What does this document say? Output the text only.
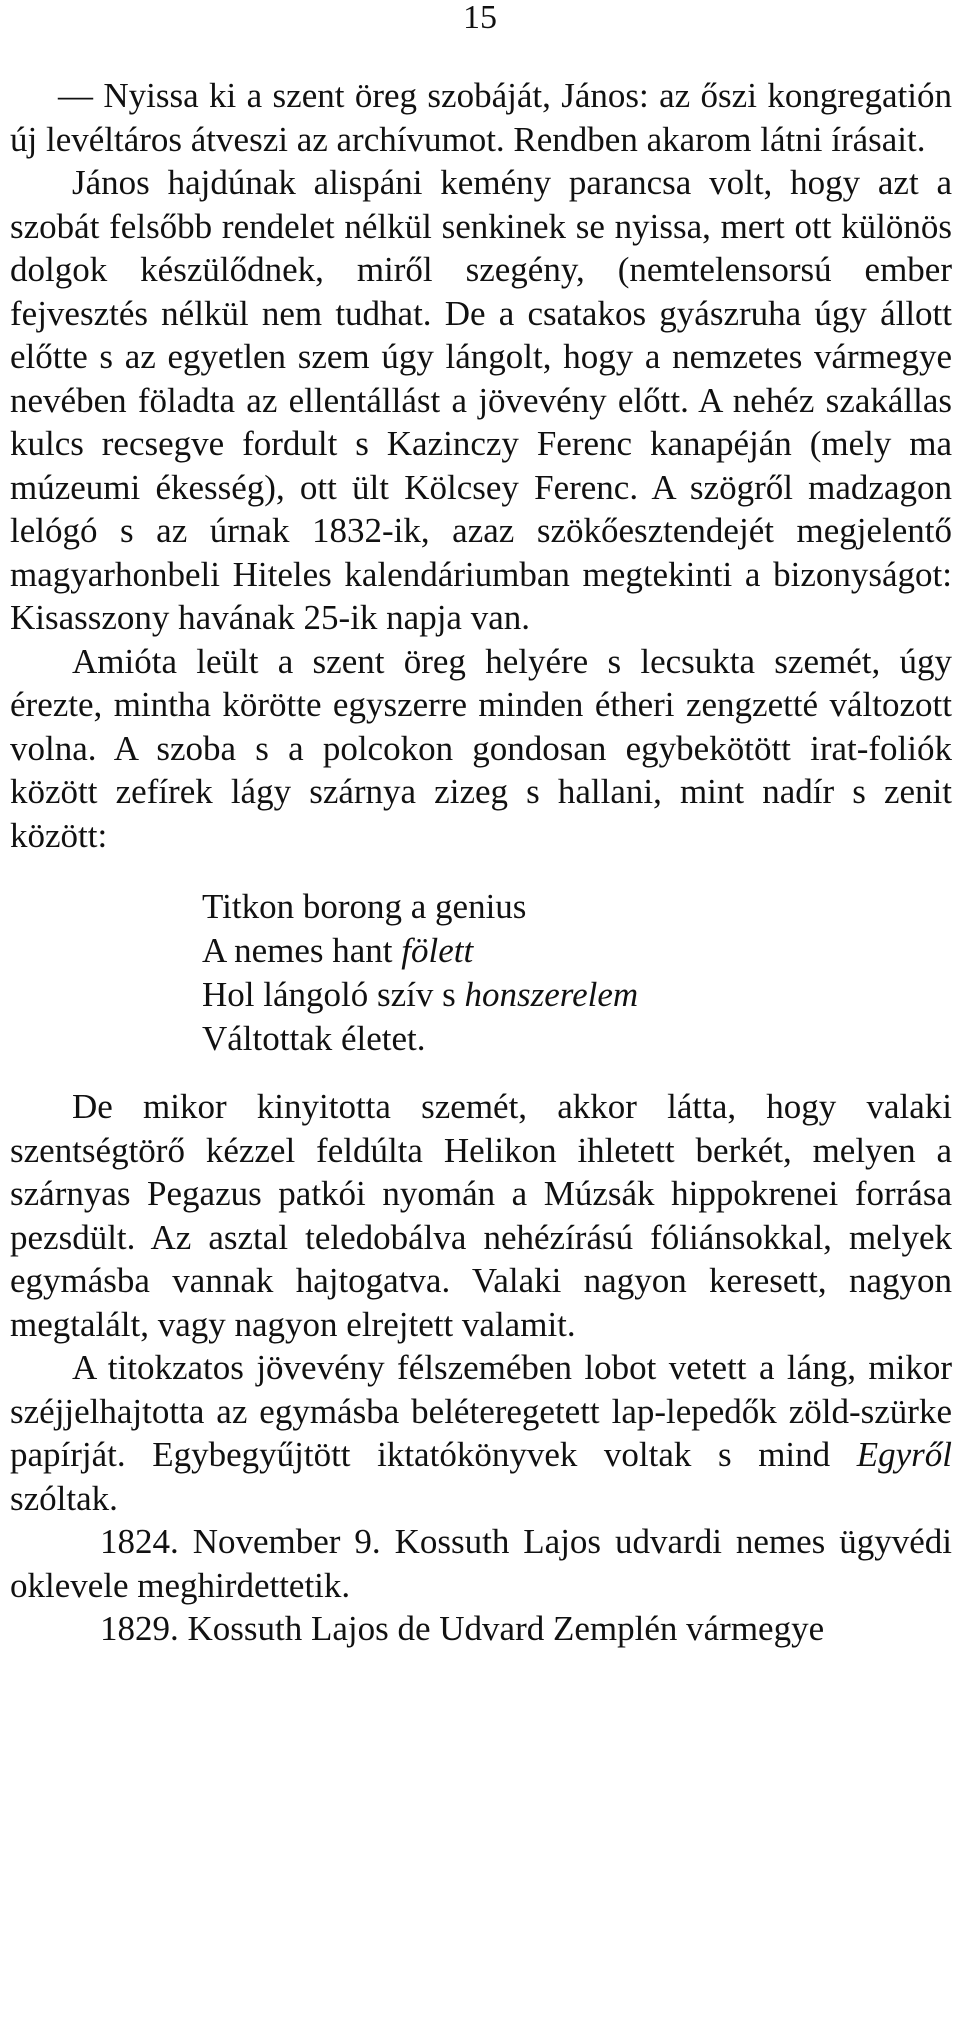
15

— Nyissa ki a szent öreg szobáját, János: az őszi kongregatión új levéltáros átveszi az archívumot. Rendben akarom látni írásait.

János hajdúnak alispáni kemény parancsa volt, hogy azt a szobát felsőbb rendelet nélkül senkinek se nyissa, mert ott különös dolgok készülődnek, miről szegény, (nemtelensorsú ember fejvesztés nélkül nem tudhat. De a csatakos gyászruha úgy állott előtte s az egyetlen szem úgy lángolt, hogy a nemzetes vármegye nevében föladta az ellentállást a jövevény előtt. A nehéz szakállas kulcs recsegve fordult s Kazinczy Ferenc kanapéján (mely ma múzeumi ékesség), ott ült Kölcsey Ferenc. A szögről madzagon lelógó s az úrnak 1832-ik, azaz szökőesztendejét megjelentő magyarhonbeli Hiteles kalendáriumban megtekinti a bizonyságot: Kisasszony havának 25-ik napja van.

Amióta leült a szent öreg helyére s lecsukta szemét, úgy érezte, mintha körötte egyszerre minden étheri zengzetté változott volna. A szoba s a polcokon gondosan egybekötött irat-foliók között zefírek lágy szárnya zizeg s hallani, mint nadír s zenit között:

Titkon borong a genius
A nemes hant fölett
Hol lángoló szív s honszerelem
Váltottak életet.

De mikor kinyitotta szemét, akkor látta, hogy valaki szentségtörő kézzel feldúlta Helikon ihletett berkét, melyen a szárnyas Pegazus patkói nyomán a Múzsák hippokrenei forrása pezsdült. Az asztal teledobálva nehézírású fóliánsokkal, melyek egymásba vannak hajtogatva. Valaki nagyon keresett, nagyon megtalált, vagy nagyon elrejtett valamit.

A titokzatos jövevény félszemében lobot vetett a láng, mikor széjjelhajtotta az egymásba beléteregetett lap-lepedők zöld-szürke papírját. Egybegyűjtött iktatókönyvek voltak s mind Egyről szóltak.

1824. November 9. Kossuth Lajos udvardi nemes ügyvédi oklevele meghirdettetik.

1829. Kossuth Lajos de Udvard Zemplén vármegye
